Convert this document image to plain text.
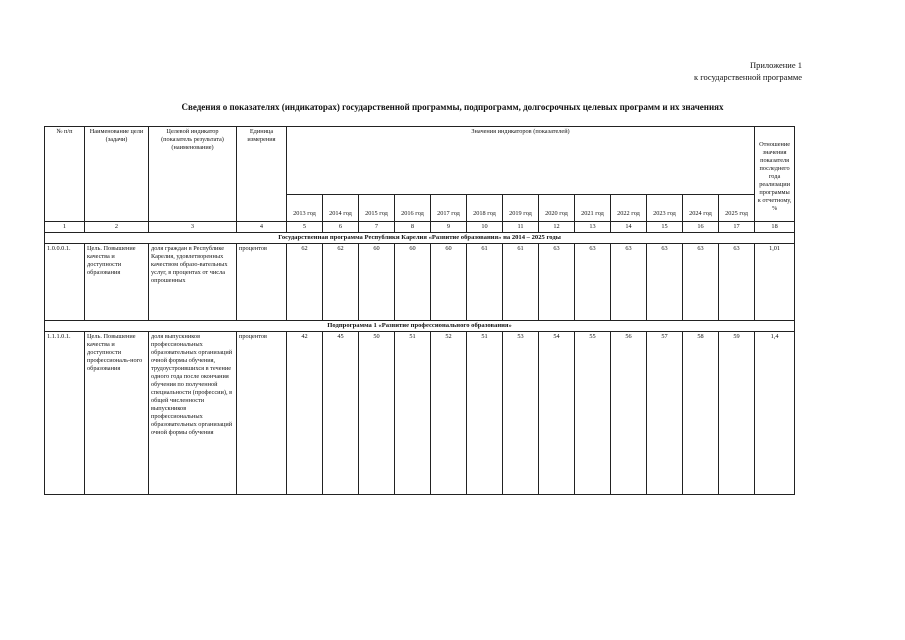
Приложение 1
к государственной программе
Сведения о показателях (индикаторах) государственной программы, подпрограмм, долгосрочных целевых программ и их значениях
№ п/п	Наименование цели (задачи)	Целевой индикатор (показатель результата) (наименование)	Единица измерения	Значения индикаторов (показателей)													Отношение значения показателя последнего года реализации программы к отчетному, %
				2013 год	2014 год	2015 год	2016 год	2017 год	2018 год	2019 год	2020 год	2021 год	2022 год	2023 год	2024 год	2025 год	
1	2	3	4	5	6	7	8	9	10	11	12	13	14	15	16	17	18
Государственная программа Республики Карелия «Развитие образования» на 2014 – 2025 годы																	
1.0.0.0.1.	Цель. Повышение качества и доступности образования	доля граждан в Республике Карелия, удовлетворенных качеством образо-вательных услуг, в процентах от числа опрошенных	процентов	62	62	60	60	60	61	61	63	63	63	63	63	63	1,01
Подпрограмма 1 «Развитие профессионального образования»																	
1.1.1.0.1.	Цель. Повышение качества и доступности профессиональ-ного образования	доля выпускников профессиональных образовательных организаций очной формы обучения, трудоустроившихся в течение одного года после окончания обучения по полученной специальности (профессии), в общей численности выпускников профессиональных образовательных организаций очной формы обучения	процентов	42	45	50	51	52	51	53	54	55	56	57	58	59	1,4
